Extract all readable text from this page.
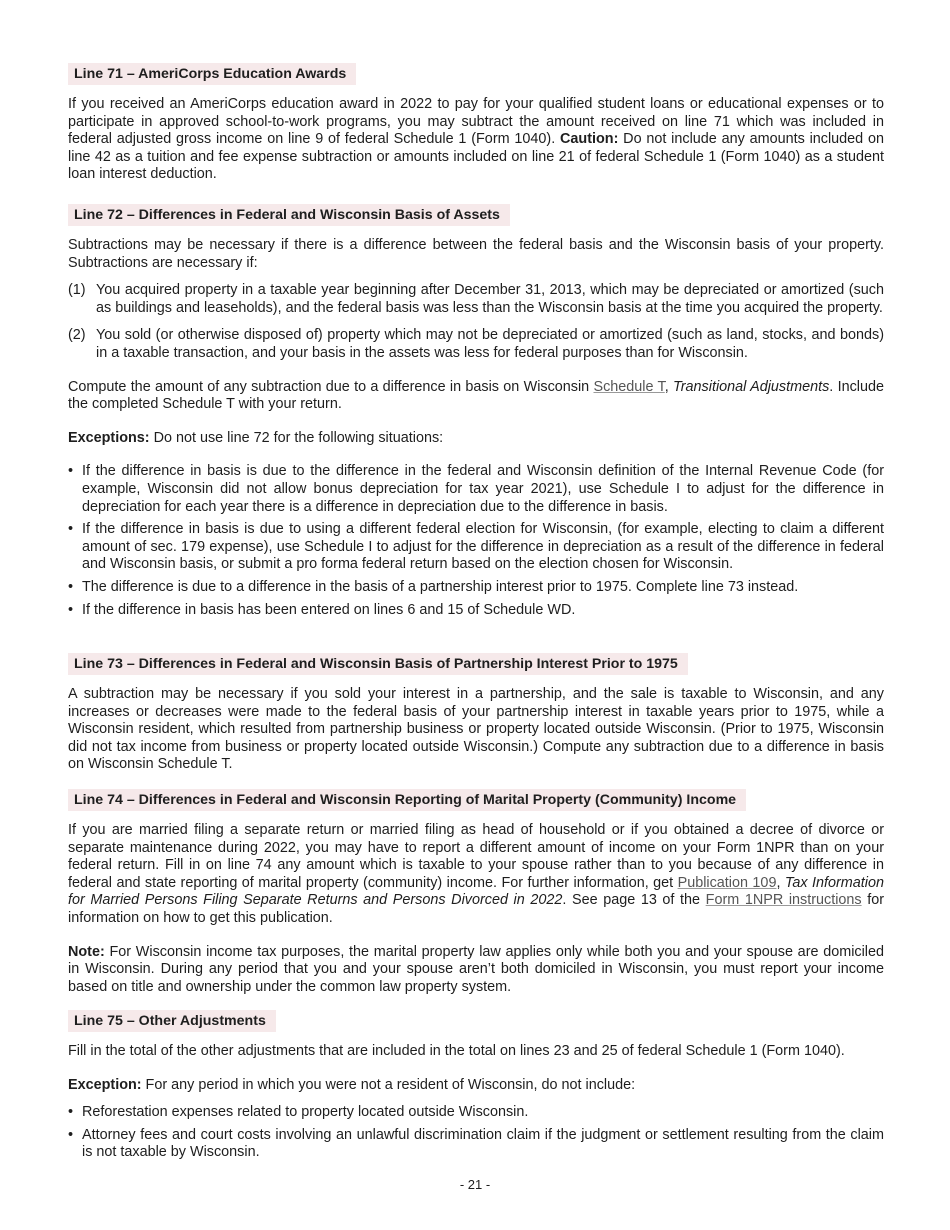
Line 71 – AmeriCorps Education Awards

If you received an AmeriCorps education award in 2022 to pay for your qualified student loans or educational expenses or to participate in approved school-to-work programs, you may subtract the amount received on line 71 which was included in federal adjusted gross income on line 9 of federal Schedule 1 (Form 1040). Caution: Do not include any amounts included on line 42 as a tuition and fee expense subtraction or amounts included on line 21 of federal Schedule 1 (Form 1040) as a student loan interest deduction.

Line 72 – Differences in Federal and Wisconsin Basis of Assets

Subtractions may be necessary if there is a difference between the federal basis and the Wisconsin basis of your property. Subtractions are necessary if:

(1) You acquired property in a taxable year beginning after December 31, 2013, which may be depreciated or amortized (such as buildings and leaseholds), and the federal basis was less than the Wisconsin basis at the time you acquired the property.
(2) You sold (or otherwise disposed of) property which may not be depreciated or amortized (such as land, stocks, and bonds) in a taxable transaction, and your basis in the assets was less for federal purposes than for Wisconsin.

Compute the amount of any subtraction due to a difference in basis on Wisconsin Schedule T, Transitional Adjustments. Include the completed Schedule T with your return.

Exceptions: Do not use line 72 for the following situations:

• If the difference in basis is due to the difference in the federal and Wisconsin definition of the Internal Revenue Code (for example, Wisconsin did not allow bonus depreciation for tax year 2021), use Schedule I to adjust for the difference in depreciation for each year there is a difference in depreciation due to the difference in basis.
• If the difference in basis is due to using a different federal election for Wisconsin, (for example, electing to claim a different amount of sec. 179 expense), use Schedule I to adjust for the difference in depreciation as a result of the difference in federal and Wisconsin basis, or submit a pro forma federal return based on the election chosen for Wisconsin.
• The difference is due to a difference in the basis of a partnership interest prior to 1975. Complete line 73 instead.
• If the difference in basis has been entered on lines 6 and 15 of Schedule WD.
Line 73 – Differences in Federal and Wisconsin Basis of Partnership Interest Prior to 1975

A subtraction may be necessary if you sold your interest in a partnership, and the sale is taxable to Wisconsin, and any increases or decreases were made to the federal basis of your partnership interest in taxable years prior to 1975, while a Wisconsin resident, which resulted from partnership business or property located outside Wisconsin. (Prior to 1975, Wisconsin did not tax income from business or property located outside Wisconsin.) Compute any subtraction due to a difference in basis on Wisconsin Schedule T.

Line 74 – Differences in Federal and Wisconsin Reporting of Marital Property (Community) Income

If you are married filing a separate return or married filing as head of household or if you obtained a decree of divorce or separate maintenance during 2022, you may have to report a different amount of income on your Form 1NPR than on your federal return. Fill in on line 74 any amount which is taxable to your spouse rather than to you because of any difference in federal and state reporting of marital property (community) income. For further information, get Publication 109, Tax Information for Married Persons Filing Separate Returns and Persons Divorced in 2022. See page 13 of the Form 1NPR instructions for information on how to get this publication.

Note: For Wisconsin income tax purposes, the marital property law applies only while both you and your spouse are domiciled in Wisconsin. During any period that you and your spouse aren’t both domiciled in Wisconsin, you must report your income based on title and ownership under the common law property system.

Line 75 – Other Adjustments

Fill in the total of the other adjustments that are included in the total on lines 23 and 25 of federal Schedule 1 (Form 1040).

Exception: For any period in which you were not a resident of Wisconsin, do not include:

• Reforestation expenses related to property located outside Wisconsin.
• Attorney fees and court costs involving an unlawful discrimination claim if the judgment or settlement resulting from the claim is not taxable by Wisconsin.
- 21 -
